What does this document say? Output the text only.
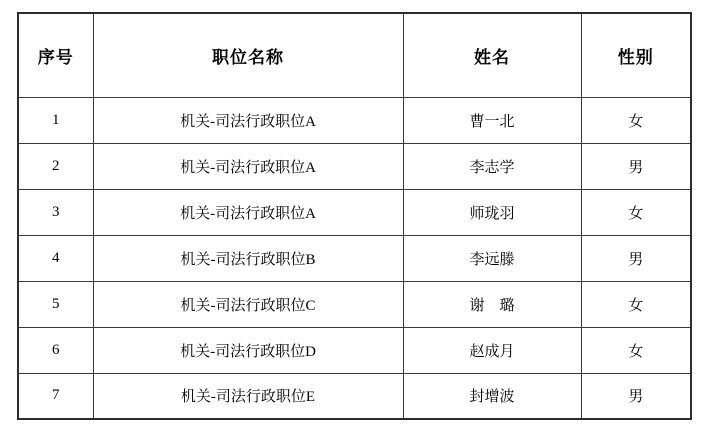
序号	职位名称	姓名	性别
1	机关-司法行政职位A	曹一北	女
2	机关-司法行政职位A	李志学	男
3	机关-司法行政职位A	师珑羽	女
4	机关-司法行政职位B	李远滕	男
5	机关-司法行政职位C	谢　璐	女
6	机关-司法行政职位D	赵成月	女
7	机关-司法行政职位E	封增波	男
